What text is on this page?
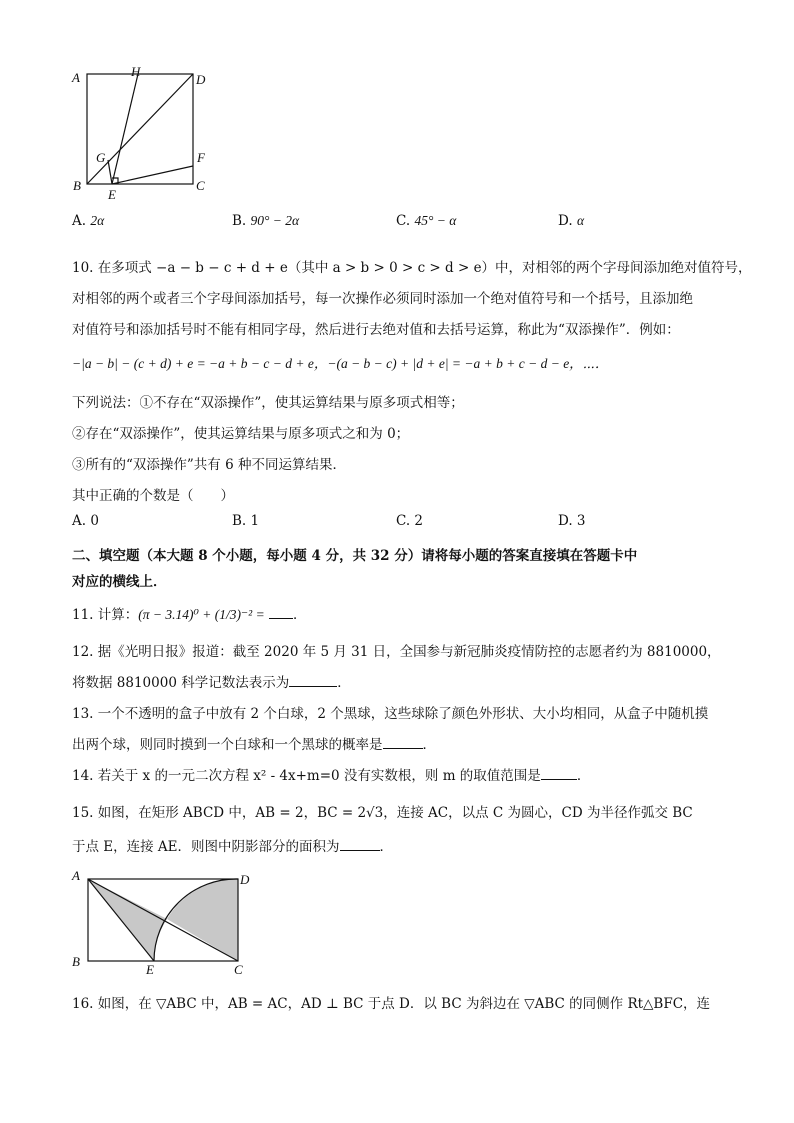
A	H
D
G	F
B
E
C
A. 2α	B. 90° − 2α	C. 45° − α	D. α
10. 在多项式 −a − b − c + d + e（其中 a > b > 0 > c > d > e）中，对相邻的两个字母间添加绝对值符号，
对相邻的两个或者三个字母间添加括号，每一次操作必须同时添加一个绝对值符号和一个括号，且添加绝
对值符号和添加括号时不能有相同字母，然后进行去绝对值和去括号运算，称此为“双添操作”．例如：
−|a − b| − (c + d) + e = −a + b − c − d + e，−(a − b − c) + |d + e| = −a + b + c − d − e，⋯．
下列说法：①不存在“双添操作”，使其运算结果与原多项式相等；
②存在“双添操作”，使其运算结果与原多项式之和为 0；
③所有的“双添操作”共有 6 种不同运算结果．
其中正确的个数是（　　）
A. 0	B. 1	C. 2	D. 3
二、填空题（本大题 8 个小题，每小题 4 分，共 32 分）请将每小题的答案直接填在答题卡中
对应的横线上．
11. 计算：(π − 3.14)⁰ + (1/3)⁻² = ．
12. 据《光明日报》报道：截至 2020 年 5 月 31 日，全国参与新冠肺炎疫情防控的志愿者约为 8810000，
将数据 8810000 科学记数法表示为	．
13. 一个不透明的盒子中放有 2 个白球，2 个黑球，这些球除了颜色外形状、大小均相同，从盒子中随机摸
出两个球，则同时摸到一个白球和一个黑球的概率是	．
14. 若关于 x 的一元二次方程 x² - 4x+m=0 没有实数根，则 m 的取值范围是	．
15. 如图，在矩形 ABCD 中，AB = 2，BC = 2√3，连接 AC，以点 C 为圆心，CD 为半径作弧交 BC
于点 E，连接 AE．则图中阴影部分的面积为	．
A	D
B
E	C
16. 如图，在 ▽ABC 中，AB = AC，AD ⊥ BC 于点 D．以 BC 为斜边在 ▽ABC 的同侧作 Rt△BFC，连
